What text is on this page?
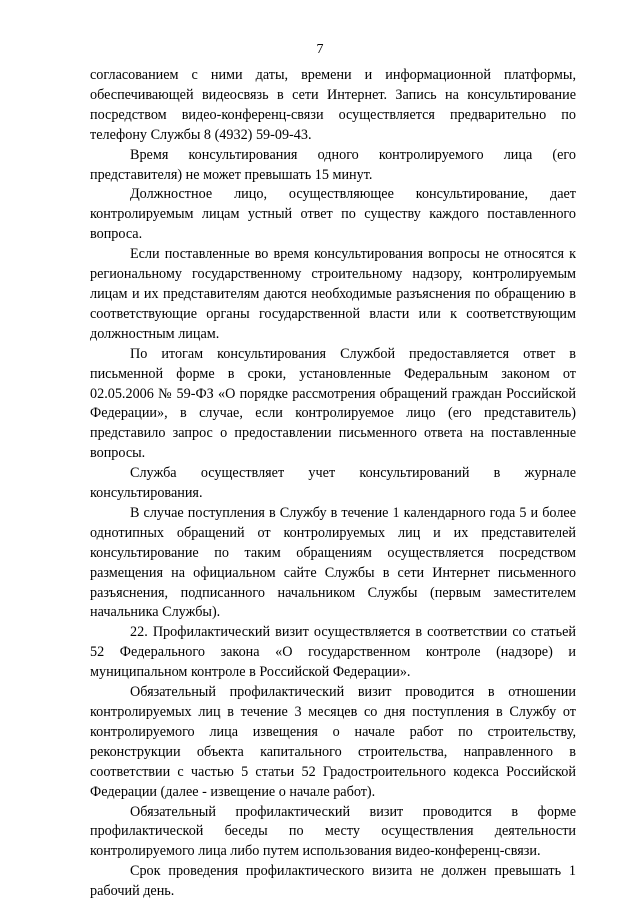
7

согласованием с ними даты, времени и информационной платформы, обеспечивающей видеосвязь в сети Интернет. Запись на консультирование посредством видео-конференц-связи осуществляется предварительно по телефону Службы 8 (4932) 59-09-43.

Время консультирования одного контролируемого лица (его представителя) не может превышать 15 минут.

Должностное лицо, осуществляющее консультирование, дает контролируемым лицам устный ответ по существу каждого поставленного вопроса.

Если поставленные во время консультирования вопросы не относятся к региональному государственному строительному надзору, контролируемым лицам и их представителям даются необходимые разъяснения по обращению в соответствующие органы государственной власти или к соответствующим должностным лицам.

По итогам консультирования Службой предоставляется ответ в письменной форме в сроки, установленные Федеральным законом от 02.05.2006 № 59-ФЗ «О порядке рассмотрения обращений граждан Российской Федерации», в случае, если контролируемое лицо (его представитель) представило запрос о предоставлении письменного ответа на поставленные вопросы.

Служба осуществляет учет консультирований в журнале консультирования.

В случае поступления в Службу в течение 1 календарного года 5 и более однотипных обращений от контролируемых лиц и их представителей консультирование по таким обращениям осуществляется посредством размещения на официальном сайте Службы в сети Интернет письменного разъяснения, подписанного начальником Службы (первым заместителем начальника Службы).

22. Профилактический визит осуществляется в соответствии со статьей 52 Федерального закона «О государственном контроле (надзоре) и муниципальном контроле в Российской Федерации».

Обязательный профилактический визит проводится в отношении контролируемых лиц в течение 3 месяцев со дня поступления в Службу от контролируемого лица извещения о начале работ по строительству, реконструкции объекта капитального строительства, направленного в соответствии с частью 5 статьи 52 Градостроительного кодекса Российской Федерации (далее - извещение о начале работ).

Обязательный профилактический визит проводится в форме профилактической беседы по месту осуществления деятельности контролируемого лица либо путем использования видео-конференц-связи.

Срок проведения профилактического визита не должен превышать 1 рабочий день.
